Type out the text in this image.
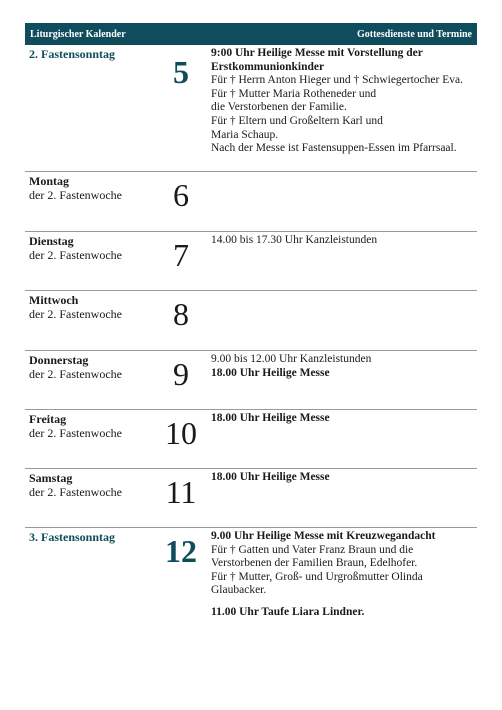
Liturgischer Kalender	Gottesdienste und Termine
2. Fastensonntag	5
9:00 Uhr Heilige Messe mit Vorstellung der
Erstkommunionkinder
Für † Herrn Anton Hieger und † Schwiegertocher Eva.
Für † Mutter Maria Rotheneder und
die Verstorbenen der Familie.
Für † Eltern und Großeltern Karl und
Maria Schaup.
Nach der Messe ist Fastensuppen-Essen im Pfarrsaal.
Montag
der 2. Fastenwoche	6
Dienstag
der 2. Fastenwoche	7	14.00 bis 17.30 Uhr Kanzleistunden
Mittwoch
der 2. Fastenwoche	8
Donnerstag
der 2. Fastenwoche	9	9.00 bis 12.00 Uhr Kanzleistunden
18.00 Uhr Heilige Messe
Freitag
der 2. Fastenwoche	10	18.00 Uhr Heilige Messe
Samstag
der 2. Fastenwoche	11	18.00 Uhr Heilige Messe
3. Fastensonntag	12	9.00 Uhr Heilige Messe mit Kreuzwegandacht
Für † Gatten und Vater Franz Braun und die
Verstorbenen der Familien Braun, Edelhofer.
Für † Mutter, Groß- und Urgroßmutter Olinda
Glaubacker.
11.00 Uhr Taufe Liara Lindner.
